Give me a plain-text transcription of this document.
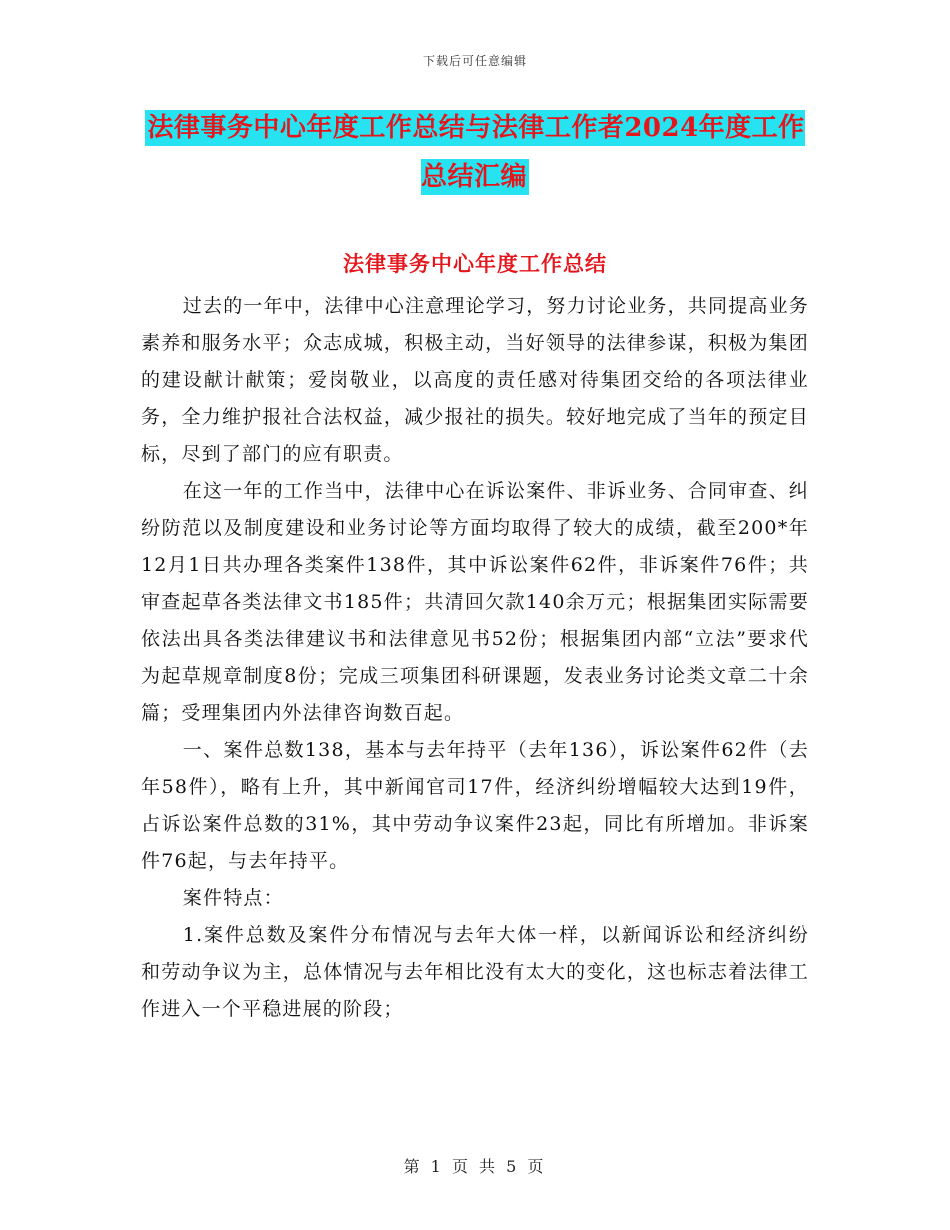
下载后可任意编辑
法律事务中心年度工作总结与法律工作者2024年度工作总结汇编
法律事务中心年度工作总结

过去的一年中，法律中心注意理论学习，努力讨论业务，共同提高业务素养和服务水平；众志成城，积极主动，当好领导的法律参谋，积极为集团的建设献计献策；爱岗敬业，以高度的责任感对待集团交给的各项法律业务，全力维护报社合法权益，减少报社的损失。较好地完成了当年的预定目标，尽到了部门的应有职责。

在这一年的工作当中，法律中心在诉讼案件、非诉业务、合同审查、纠纷防范以及制度建设和业务讨论等方面均取得了较大的成绩，截至200*年12月1日共办理各类案件138件，其中诉讼案件62件，非诉案件76件；共审查起草各类法律文书185件；共清回欠款140余万元；根据集团实际需要依法出具各类法律建议书和法律意见书52份；根据集团内部“立法”要求代为起草规章制度8份；完成三项集团科研课题，发表业务讨论类文章二十余篇；受理集团内外法律咨询数百起。

一、案件总数138，基本与去年持平（去年136），诉讼案件62件（去年58件），略有上升，其中新闻官司17件，经济纠纷增幅较大达到19件，占诉讼案件总数的31%，其中劳动争议案件23起，同比有所增加。非诉案件76起，与去年持平。

案件特点：

1.案件总数及案件分布情况与去年大体一样，以新闻诉讼和经济纠纷和劳动争议为主，总体情况与去年相比没有太大的变化，这也标志着法律工作进入一个平稳进展的阶段；

第 1 页 共 5 页
